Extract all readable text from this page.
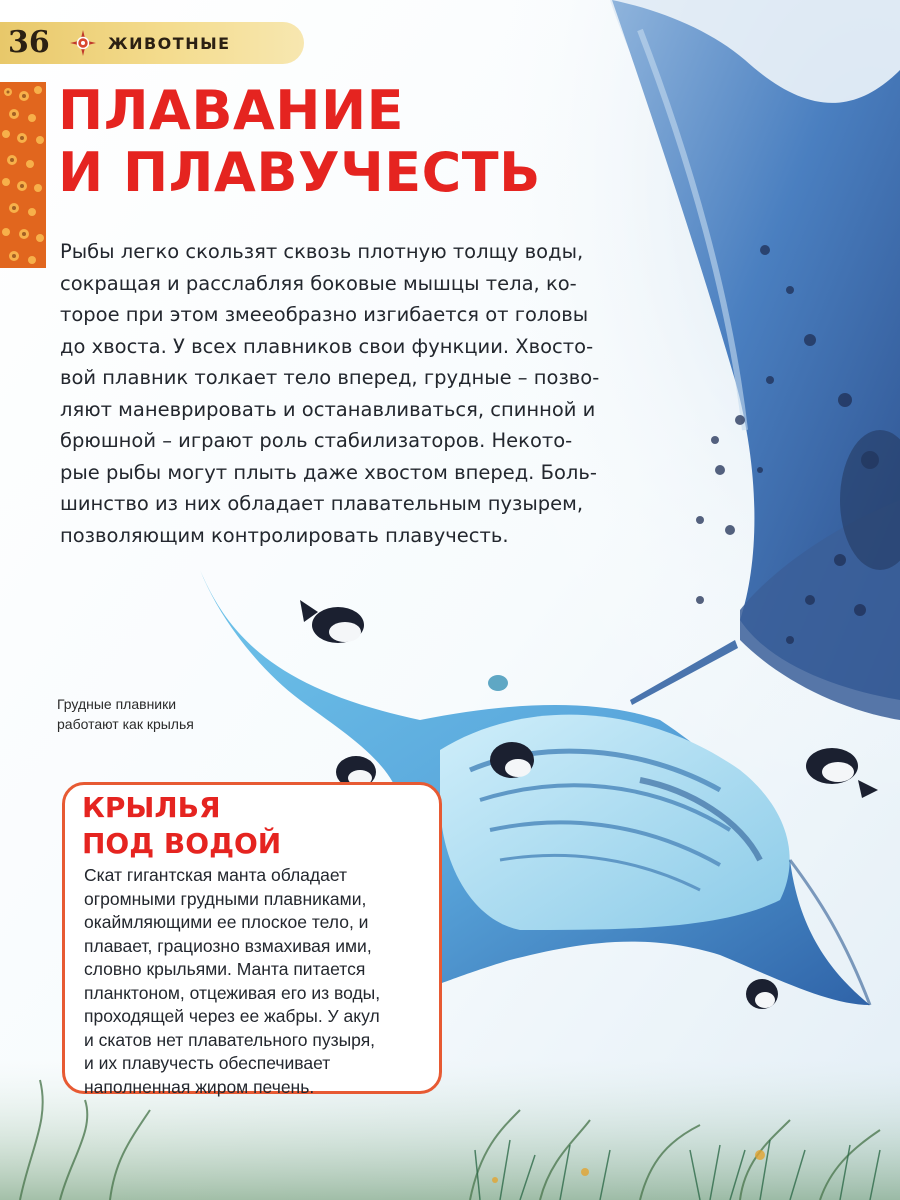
36	ЖИВОТНЫЕ
ПЛАВАНИЕ
И ПЛАВУЧЕСТЬ

Рыбы легко скользят сквозь плотную толщу воды,
сокращая и расслабляя боковые мышцы тела, ко-
торое при этом змееобразно изгибается от головы
до хвоста. У всех плавников свои функции. Хвосто-
вой плавник толкает тело вперед, грудные – позво-
ляют маневрировать и останавливаться, спинной и
брюшной – играют роль стабилизаторов. Некото-
рые рыбы могут плыть даже хвостом вперед. Боль-
шинство из них обладает плавательным пузырем,
позволяющим контролировать плавучесть.

Грудные плавники
работают как крылья

КРЫЛЬЯ
ПОД ВОДОЙ

Скат гигантская манта обладает
огромными грудными плавниками,
окаймляющими ее плоское тело, и
плавает, грациозно взмахивая ими,
словно крыльями. Манта питается
планктоном, отцеживая его из воды,
проходящей через ее жабры. У акул
и скатов нет плавательного пузыря,
и их плавучесть обеспечивает
наполненная жиром печень.
